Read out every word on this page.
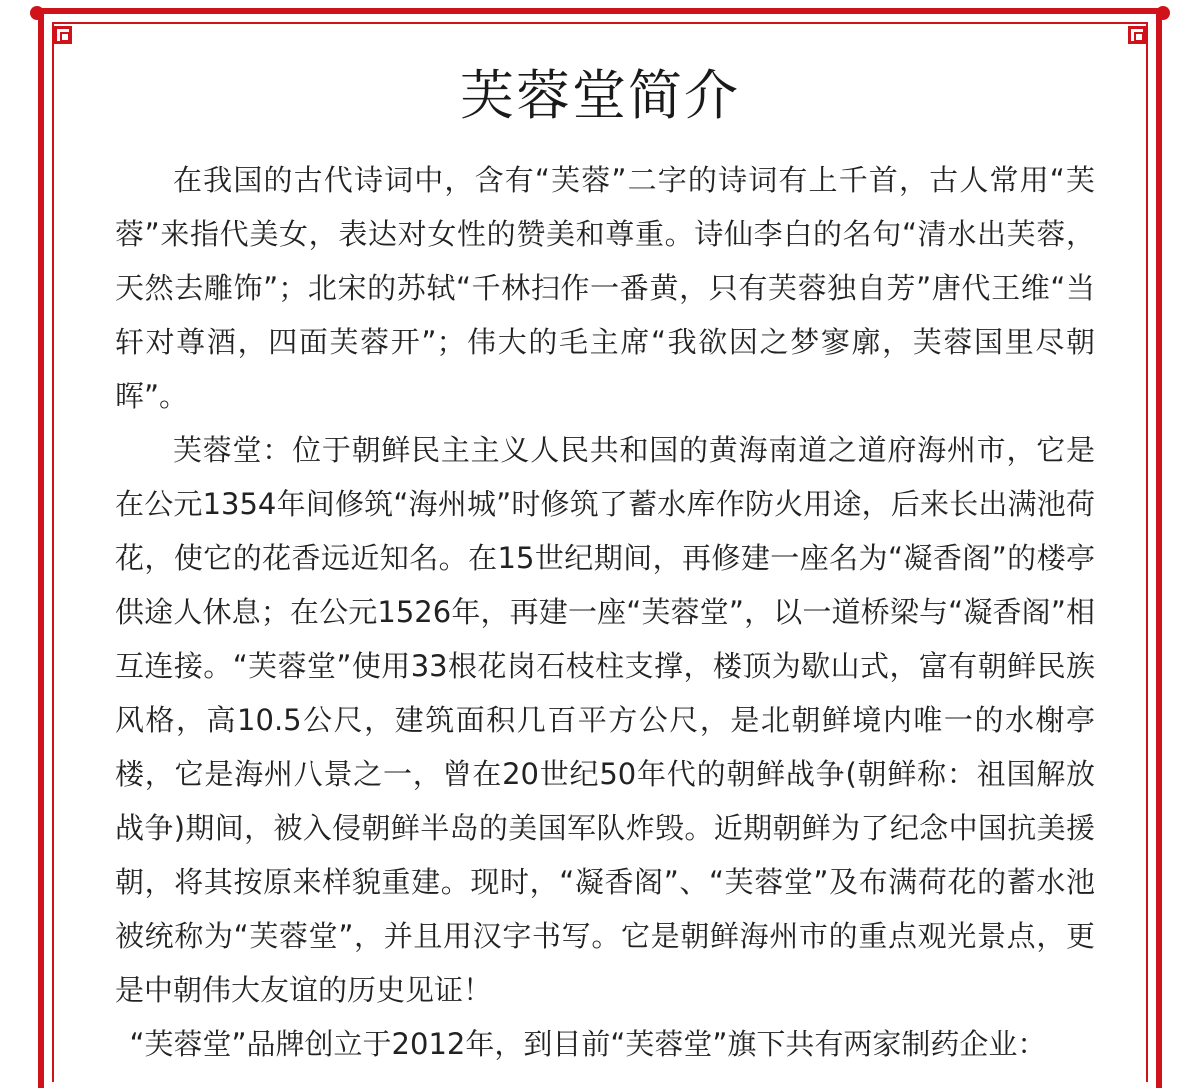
芙蓉堂简介

在我国的古代诗词中，含有“芙蓉”二字的诗词有上千首，古人常用“芙蓉”来指代美女，表达对女性的赞美和尊重。诗仙李白的名句“清水出芙蓉，天然去雕饰”；北宋的苏轼“千林扫作一番黄，只有芙蓉独自芳”唐代王维“当轩对尊酒，四面芙蓉开”；伟大的毛主席“我欲因之梦寥廓，芙蓉国里尽朝晖”。

芙蓉堂：位于朝鲜民主主义人民共和国的黄海南道之道府海州市，它是在公元1354年间修筑“海州城”时修筑了蓄水库作防火用途，后来长出满池荷花，使它的花香远近知名。在15世纪期间，再修建一座名为“凝香阁”的楼亭供途人休息；在公元1526年，再建一座“芙蓉堂”，以一道桥梁与“凝香阁”相互连接。“芙蓉堂”使用33根花岗石枝柱支撑，楼顶为歇山式，富有朝鲜民族风格，高10.5公尺，建筑面积几百平方公尺，是北朝鲜境内唯一的水榭亭楼，它是海州八景之一，曾在20世纪50年代的朝鲜战争(朝鲜称：祖国解放战争)期间，被入侵朝鲜半岛的美国军队炸毁。近期朝鲜为了纪念中国抗美援朝，将其按原来样貌重建。现时，“凝香阁”、“芙蓉堂”及布满荷花的蓄水池被统称为“芙蓉堂”，并且用汉字书写。它是朝鲜海州市的重点观光景点，更是中朝伟大友谊的历史见证！

“芙蓉堂”品牌创立于2012年，到目前“芙蓉堂”旗下共有两家制药企业：
